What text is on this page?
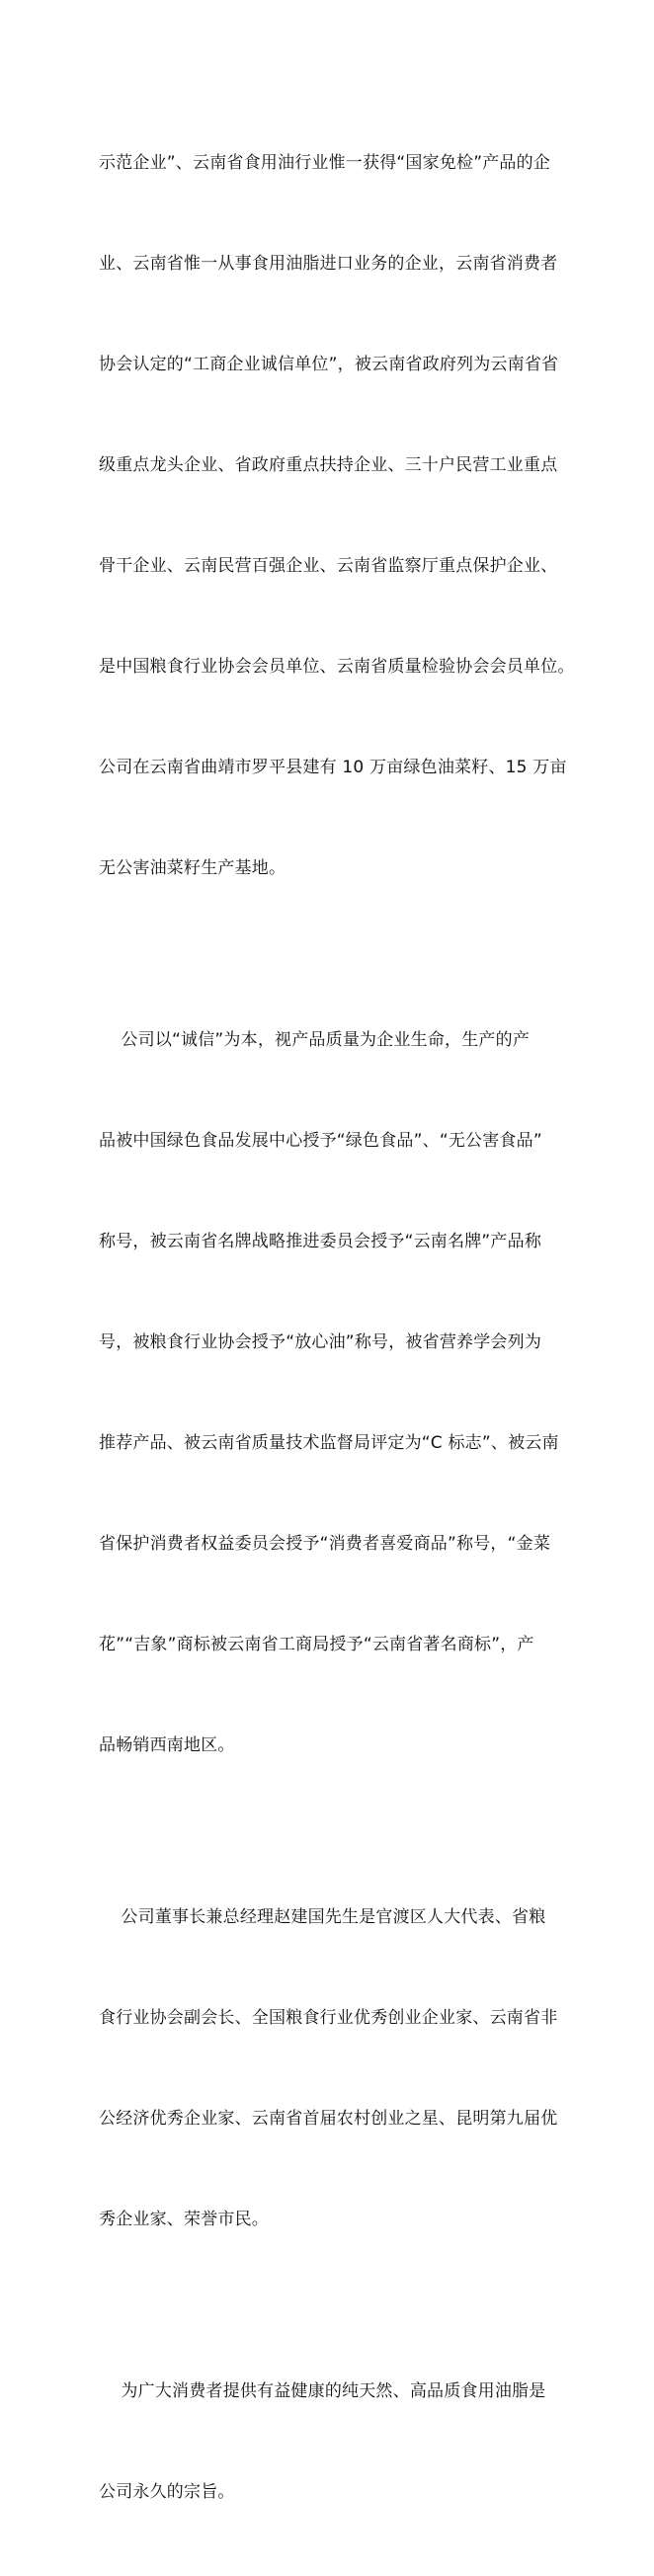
示范企业”、云南省食用油行业惟一获得“国家免检”产品的企

业、云南省惟一从事食用油脂进口业务的企业，云南省消费者

协会认定的“工商企业诚信单位”，被云南省政府列为云南省省

级重点龙头企业、省政府重点扶持企业、三十户民营工业重点

骨干企业、云南民营百强企业、云南省监察厅重点保护企业、

是中国粮食行业协会会员单位、云南省质量检验协会会员单位。

公司在云南省曲靖市罗平县建有 10 万亩绿色油菜籽、15 万亩

无公害油菜籽生产基地。

公司以“诚信”为本，视产品质量为企业生命，生产的产

品被中国绿色食品发展中心授予“绿色食品”、“无公害食品”

称号，被云南省名牌战略推进委员会授予“云南名牌”产品称

号，被粮食行业协会授予“放心油”称号，被省营养学会列为

推荐产品、被云南省质量技术监督局评定为“C 标志”、被云南

省保护消费者权益委员会授予“消费者喜爱商品”称号，“金菜

花”“吉象”商标被云南省工商局授予“云南省著名商标”，产

品畅销西南地区。

公司董事长兼总经理赵建国先生是官渡区人大代表、省粮

食行业协会副会长、全国粮食行业优秀创业企业家、云南省非

公经济优秀企业家、云南省首届农村创业之星、昆明第九届优

秀企业家、荣誉市民。

为广大消费者提供有益健康的纯天然、高品质食用油脂是

公司永久的宗旨。
